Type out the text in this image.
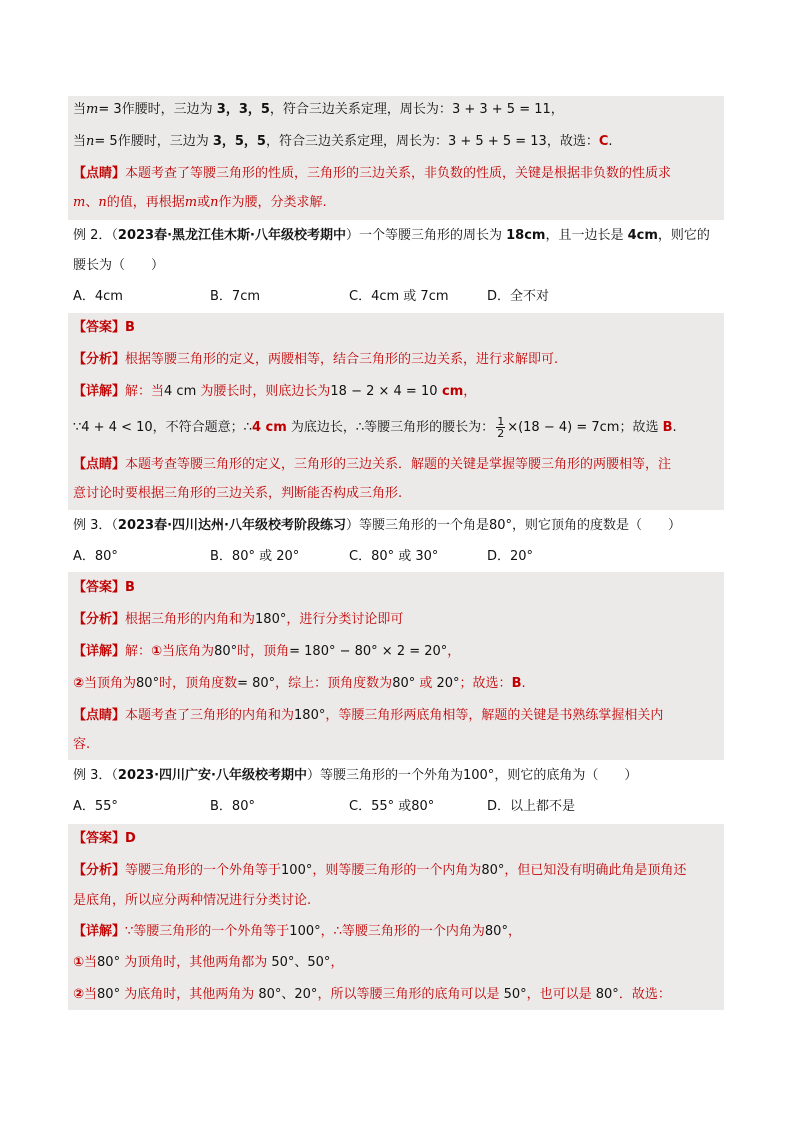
当m= 3作腰时，三边为 3，3，5，符合三边关系定理，周长为：3 + 3 + 5 = 11，
当n= 5作腰时，三边为 3，5，5，符合三边关系定理，周长为：3 + 5 + 5 = 13，故选：C.
【点睛】本题考查了等腰三角形的性质，三角形的三边关系，非负数的性质，关键是根据非负数的性质求
m、n的值，再根据m或n作为腰，分类求解.
例 2．（2023春·黑龙江佳木斯·八年级校考期中）一个等腰三角形的周长为 18cm，且一边长是 4cm，则它的
腰长为（　　）
A．4cm	B．7cm	C．4cm 或 7cm	D．全不对
【答案】B
【分析】根据等腰三角形的定义，两腰相等，结合三角形的三边关系，进行求解即可.
【详解】解：当4 cm 为腰长时，则底边长为18 − 2 × 4 = 10 cm，
∵4 + 4 < 10，不符合题意；∴4 cm 为底边长，∴等腰三角形的腰长为： $\frac{1}{2} \times(18 - 4) = 7cm$；故选 B.
【点睛】本题考查等腰三角形的定义，三角形的三边关系．解题的关键是掌握等腰三角形的两腰相等，注
意讨论时要根据三角形的三边关系，判断能否构成三角形.
例 3．（2023春·四川达州·八年级校考阶段练习）等腰三角形的一个角是80°，则它顶角的度数是（　　）
A．80°	B．80° 或 20°	C．80° 或 30°	D．20°
【答案】B
【分析】根据三角形的内角和为180°，进行分类讨论即可
【详解】解：①当底角为80°时，顶角= 180° − 80° × 2 = 20°，
②当顶角为80°时，顶角度数= 80°，综上：顶角度数为80° 或 20°；故选：B.
【点睛】本题考查了三角形的内角和为180°，等腰三角形两底角相等，解题的关键是书熟练掌握相关内
容.
例 3．（2023·四川广安·八年级校考期中）等腰三角形的一个外角为100°，则它的底角为（　　）
A．55°	B．80°	C．55° 或80°	D．以上都不是
【答案】D
【分析】等腰三角形的一个外角等于100°，则等腰三角形的一个内角为80°，但已知没有明确此角是顶角还
是底角，所以应分两种情况进行分类讨论.
【详解】∵等腰三角形的一个外角等于100°，∴等腰三角形的一个内角为80°，
①当80° 为顶角时，其他两角都为 50°、50°，
②当80° 为底角时，其他两角为 80°、20°，所以等腰三角形的底角可以是 50°，也可以是 80°．故选：
